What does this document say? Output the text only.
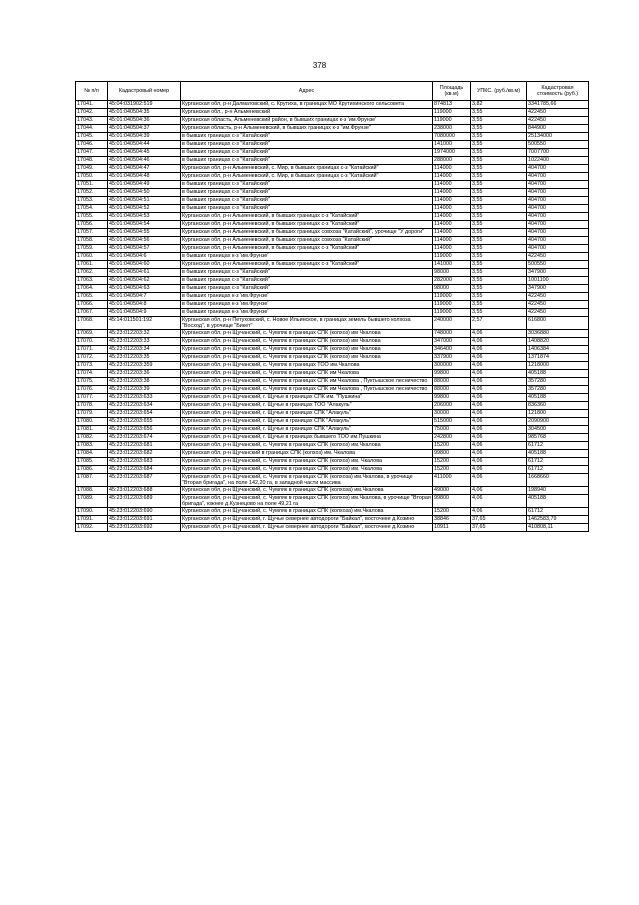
378
№ п/п	Кадастровый номер	Адрес	Площадь (кв.м)	УПКС. (руб./кв.м)	Кадастровая стоимость (руб.)
17041.	45:04:031902:519	Курганская обл, р-н Далматовский, с. Крутиха, в границах МО Крутихинского сельсовета	874813	3,82	3341785,66
17042.	45:01:040504:35	Курганская обл., р-н Альменевский	119000	3,55	422450
17043.	45:01:040504:36	Курганская область, Альменевский район, в бывших границах к-з 'им.Фрунзе'	119000	3,55	422450
17044.	45:01:040504:37	Курганская область, р-н Альменевский, в бывших границах к-з "им.Фрунзе"	238000	3,55	844900
17045.	45:01:040504:39	в бывших границах с-з "Катайский"	7080000	3,55	25134000
17046.	45:01:040504:44	в бывших границах с-з "Катайский"	141000	3,55	500550
17047.	45:01:040504:45	в бывших границах с-з "Катайский"	1974000	3,55	7007700
17048.	45:01:040504:46	в бывших границах с-з "Катайский"	288000	3,55	1022400
17049.	45:01:040504:47	Курганская обл, р-н Альменевский, с. Мир, в бывших границах с-з "Катайский"	114000	3,55	404700
17050.	45:01:040504:48	Курганская обл, р-н Альменевский, с. Мир, в бывших границах с-з "Катайский"	114000	3,55	404700
17051.	45:01:040504:49	в бывших границах с-з "Катайский"	114000	3,55	404700
17052.	45:01:040504:50	в бывших границах с-з "Катайский"	114000	3,55	404700
17053.	45:01:040504:51	в бывших границах с-з "Катайский"	114000	3,55	404700
17054.	45:01:040504:52	в бывших границах с-з "Катайский"	114000	3,55	404700
17055.	45:01:040504:53	Курганская обл, р-н Альменевский, в бывших границах с-з "Катайский"	114000	3,55	404700
17056.	45:01:040504:54	Курганская обл, р-н Альменевский, в бывших границах с-з "Катайский"	114000	3,55	404700
17057.	45:01:040504:55	Курганская обл, р-н Альменевский, в бывших границах совхоза "Катайский", урочище "У дороги"	114000	3,55	404700
17058.	45:01:040504:56	Курганская обл, р-н Альменевский, в бывших границах совхоза "Катайский"	114000	3,55	404700
17059.	45:01:040504:57	Курганская обл, р-н Альменевский, в бывших границах с-з "Катайский"	114000	3,55	404700
17060.	45:01:040504:6	в бывших границах к-з 'им.Фрунзе'	119000	3,55	422450
17061.	45:01:040504:60	Курганская обл, р-н Альменевский, в бывших границах с-з "Катайский"	141000	3,55	500550
17062.	45:01:040504:61	в бывших границах с-з "Катайский"	98000	3,55	347900
17063.	45:01:040504:62	в бывших границах с-з "Катайский"	282000	3,55	1001100
17064.	45:01:040504:63	в бывших границах с-з "Катайский"	98000	3,55	347900
17065.	45:01:040504:7	в бывших границах к-з 'им.Фрунзе'	119000	3,55	422450
17066.	45:01:040504:8	в бывших границах к-з 'им.Фрунзе'	119000	3,55	422450
17067.	45:01:040504:9	в бывших границах к-з 'им.Фрунзе'	119000	3,55	422450
17068.	45:14:011501:192	Курганская обл, р-н Петуховский, с. Новое Ильинское, в границах земель бывшего колхоза "Восход", в урочище "Бикет"	240000	2,57	616800
17069.	45:23:012203:32	Курганская обл, р-н Щучанский, с. Чумляк в границах СПК (колхоз) им Чкалова	748000	4,06	3036880
17070.	45:23:012203:33	Курганская обл, р-н Щучанский, с. Чумляк в границах СПК (колхоз) им Чкалова	347000	4,06	1408820
17071.	45:23:012203:34	Курганская обл, р-н Щучанский, с. Чумляк в границах СПК (колхоз) им Чкалова	346400	4,06	1406384
17072.	45:23:012203:35	Курганская обл, р-н Щучанский, с. Чумляк в границах СПК (колхоз) им Чкалова	337900	4,06	1371874
17073.	45:23:012203:359	Курганская обл, р-н Щучанский, с. Чумляк в границах ТОО им.Чкалова	300000	4,06	1218000
17074.	45:23:012203:36	Курганская обл, р-н Щучанский, с. Чумляк в границах СПК им Чкалова	99800	4,06	405188
17075.	45:23:012203:38	Курганская обл, р-н Щучанский, с. Чумляк в границах СПК им Чкалова , Пуктышское лесничество	88000	4,06	357280
17076.	45:23:012203:39	Курганская обл, р-н Щучанский, с. Чумляк в границах СПК им Чкалова , Пуктышское лесничество	88000	4,06	357280
17077.	45:23:012203:633	Курганская обл, р-н Щучанский, г. Щучье в границах СПК им. "Пушкина"	99800	4,06	405188
17078.	45:23:012203:634	Курганская обл, р-н Щучанский, г. Щучье в границах ТОО "Алакуль"	206000	4,06	836360
17079.	45:23:012203:654	Курганская обл, р-н Щучанский, г. Щучье в границах СПК "Алакуль"	30000	4,06	121800
17080.	45:23:012203:655	Курганская обл, р-н Щучанский, г. Щучье в границах СПК "Алакуль"	515000	4,06	2090900
17081.	45:23:012203:656	Курганская обл, р-н Щучанский, г. Щучье в границах СПК "Алакуль"	75000	4,06	304500
17082.	45:23:012203:674	Курганская обл, р-н Щучанский, г. Щучье в границах бывшего ТОО им.Пушкина	242800	4,06	985768
17083.	45:23:012203:681	Курганская обл, р-н Щучанский, с. Чумляк в границах СПК (колхоз) им.Чкалова	15200	4,06	61712
17084.	45:23:012203:682	Курганская обл, р-н Щучанский в границах СПК (колхоз) им. Чкалова	99800	4,06	405188
17085.	45:23:012203:683	Курганская обл, р-н Щучанский, с. Чумляк в границах СПК (колхоз) им. Чкалова	15200	4,06	61712
17086.	45:23:012203:684	Курганская обл, р-н Щучанский, с. Чумляк в границах СПК (колхоз) им. Чкалова	15200	4,06	61712
17087.	45:23:012203:687	Курганская обл, р-н Щучанский, с. Чумляк в границах СПК (колхоза) им.Чкалова, в урочище "Вторая бригада", на поле 142,20 га, в западной части массива	411000	4,06	1668660
17088.	45:23:012203:688	Курганская обл, р-н Щучанский, с. Чумляк в границах СПК (колхоза) им.Чкалова	49000	4,06	198940
17089.	45:23:012203:689	Курганская обл, р-н Щучанский, с. Чумляк в границах СПК (колхоз) им.Чкалова, в урочище "Вторая бригада", южнее д.Кузнецово на поле 49,21 га	99800	4,06	405188
17090.	45:23:012203:690	Курганская обл, р-н Щучанский, с. Чумляк в границах СПК (колхоза) им.Чкалова	15200	4,06	61712
17091.	45:23:012203:691	Курганская обл, р-н Щучанский, г. Щучье севернее автодороги "Байкал", восточнее д.Козино	38846	37,65	1462583,79
17092.	45:23:012203:692	Курганская обл, р-н Щучанский, г. Щучье севернее автодороги "Байкал", восточнее д.Козино	10911	37,65	410808,11
